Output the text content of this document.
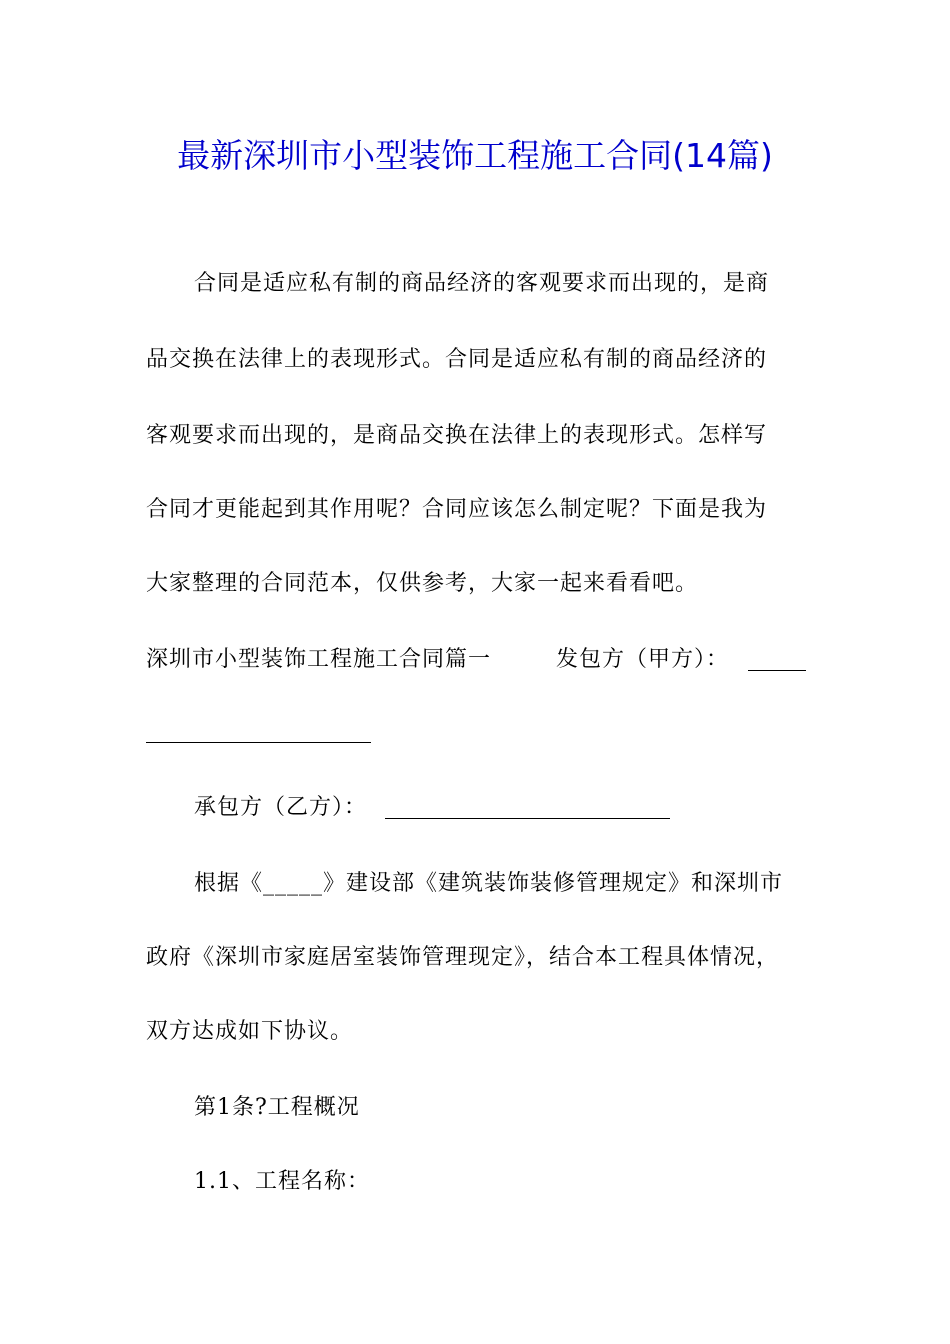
最新深圳市小型装饰工程施工合同(14篇)
合同是适应私有制的商品经济的客观要求而出现的，是商
品交换在法律上的表现形式。合同是适应私有制的商品经济的
客观要求而出现的，是商品交换在法律上的表现形式。怎样写
合同才更能起到其作用呢？合同应该怎么制定呢？下面是我为
大家整理的合同范本，仅供参考，大家一起来看看吧。
深圳市小型装饰工程施工合同篇一	发包方（甲方）：
承包方（乙方）：
根据《_____》建设部《建筑装饰装修管理规定》和深圳市
政府《深圳市家庭居室装饰管理现定》，结合本工程具体情况，
双方达成如下协议。
第1条?工程概况
1.1、工程名称：
